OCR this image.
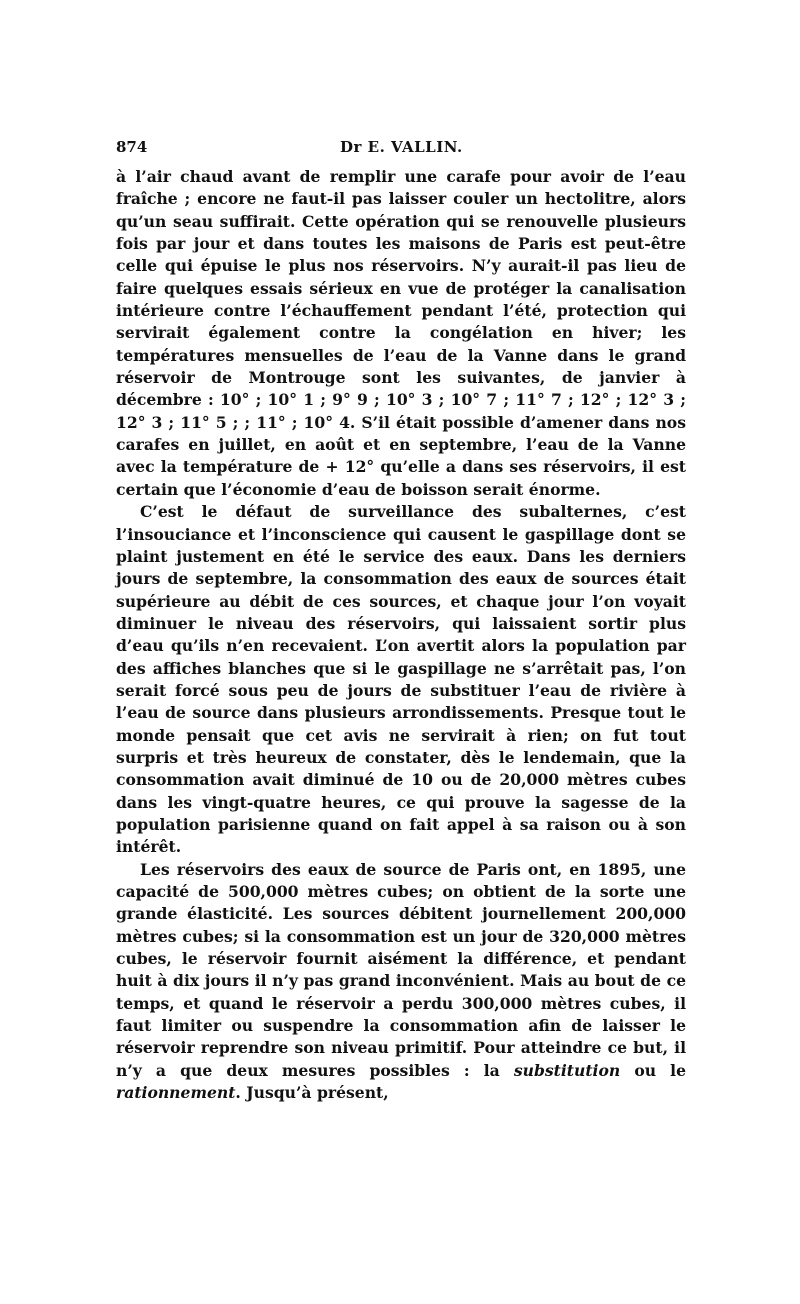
874	Dr E. VALLIN.

à l’air chaud avant de remplir une carafe pour avoir de l’eau fraîche ; encore ne faut-il pas laisser couler un hectolitre, alors qu’un seau suffirait. Cette opération qui se renouvelle plusieurs fois par jour et dans toutes les maisons de Paris est peut-être celle qui épuise le plus nos réservoirs. N’y aurait-il pas lieu de faire quelques essais sérieux en vue de protéger la canalisation intérieure contre l’échauffement pendant l’été, protection qui servirait également contre la congélation en hiver; les températures mensuelles de l’eau de la Vanne dans le grand réservoir de Montrouge sont les suivantes, de janvier à décembre : 10° ; 10° 1 ; 9° 9 ; 10° 3 ; 10° 7 ; 11° 7 ; 12° ; 12° 3 ; 12° 3 ; 11° 5 ; ; 11° ; 10° 4. S’il était possible d’amener dans nos carafes en juillet, en août et en septembre, l’eau de la Vanne avec la température de + 12° qu’elle a dans ses réservoirs, il est certain que l’économie d’eau de boisson serait énorme.

C’est le défaut de surveillance des subalternes, c’est l’insouciance et l’inconscience qui causent le gaspillage dont se plaint justement en été le service des eaux. Dans les derniers jours de septembre, la consommation des eaux de sources était supérieure au débit de ces sources, et chaque jour l’on voyait diminuer le niveau des réservoirs, qui laissaient sortir plus d’eau qu’ils n’en recevaient. L’on avertit alors la population par des affiches blanches que si le gaspillage ne s’arrêtait pas, l’on serait forcé sous peu de jours de substituer l’eau de rivière à l’eau de source dans plusieurs arrondissements. Presque tout le monde pensait que cet avis ne servirait à rien; on fut tout surpris et très heureux de constater, dès le lendemain, que la consommation avait diminué de 10 ou de 20,000 mètres cubes dans les vingt-quatre heures, ce qui prouve la sagesse de la population parisienne quand on fait appel à sa raison ou à son intérêt.

Les réservoirs des eaux de source de Paris ont, en 1895, une capacité de 500,000 mètres cubes; on obtient de la sorte une grande élasticité. Les sources débitent journellement 200,000 mètres cubes; si la consommation est un jour de 320,000 mètres cubes, le réservoir fournit aisément la différence, et pendant huit à dix jours il n’y pas grand inconvénient. Mais au bout de ce temps, et quand le réservoir a perdu 300,000 mètres cubes, il faut limiter ou suspendre la consommation afin de laisser le réservoir reprendre son niveau primitif. Pour atteindre ce but, il n’y a que deux mesures possibles : la substitution ou le rationnement. Jusqu’à présent,
